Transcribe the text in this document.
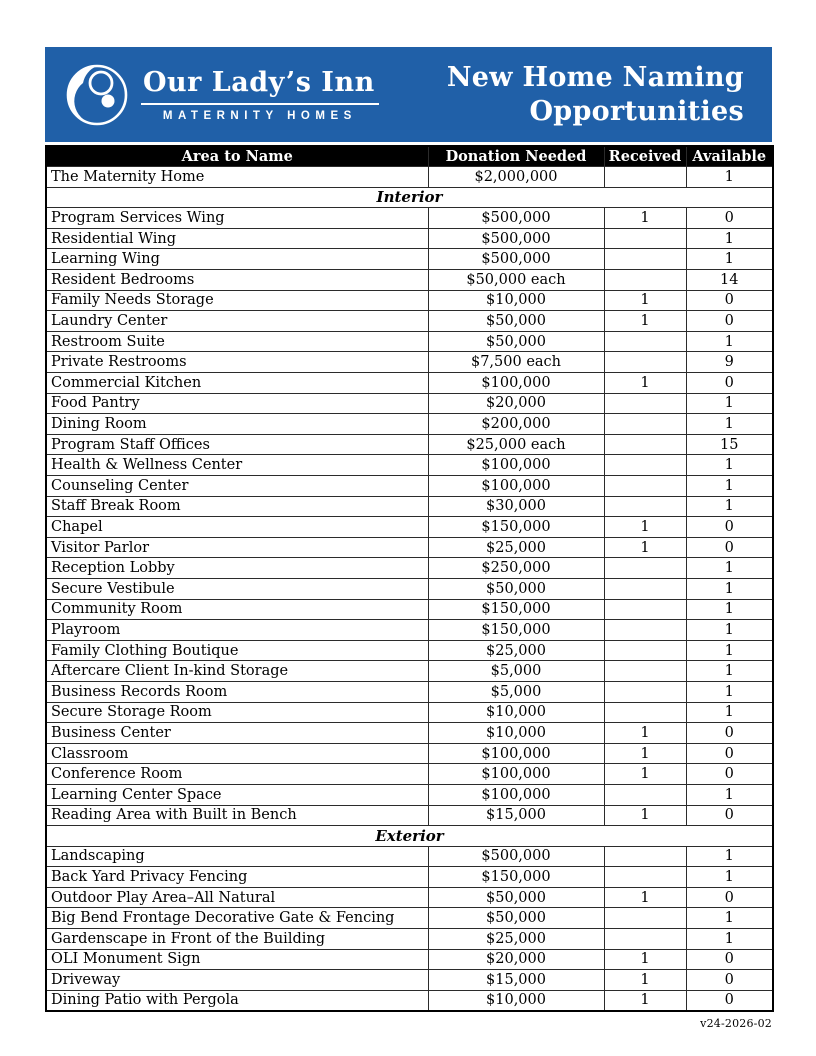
Our Lady’s Inn
MATERNITY HOMES
New Home Naming
Opportunities
Area to Name	Donation Needed	Received	Available
The Maternity Home	$2,000,000		1
Interior			
Program Services Wing	$500,000	1	0
Residential Wing	$500,000		1
Learning Wing	$500,000		1
Resident Bedrooms	$50,000 each		14
Family Needs Storage	$10,000	1	0
Laundry Center	$50,000	1	0
Restroom Suite	$50,000		1
Private Restrooms	$7,500 each		9
Commercial Kitchen	$100,000	1	0
Food Pantry	$20,000		1
Dining Room	$200,000		1
Program Staff Offices	$25,000 each		15
Health & Wellness Center	$100,000		1
Counseling Center	$100,000		1
Staff Break Room	$30,000		1
Chapel	$150,000	1	0
Visitor Parlor	$25,000	1	0
Reception Lobby	$250,000		1
Secure Vestibule	$50,000		1
Community Room	$150,000		1
Playroom	$150,000		1
Family Clothing Boutique	$25,000		1
Aftercare Client In-kind Storage	$5,000		1
Business Records Room	$5,000		1
Secure Storage Room	$10,000		1
Business Center	$10,000	1	0
Classroom	$100,000	1	0
Conference Room	$100,000	1	0
Learning Center Space	$100,000		1
Reading Area with Built in Bench	$15,000	1	0
Exterior			
Landscaping	$500,000		1
Back Yard Privacy Fencing	$150,000		1
Outdoor Play Area–All Natural	$50,000	1	0
Big Bend Frontage Decorative Gate & Fencing	$50,000		1
Gardenscape in Front of the Building	$25,000		1
OLI Monument Sign	$20,000	1	0
Driveway	$15,000	1	0
Dining Patio with Pergola	$10,000	1	0
v24-2026-02
